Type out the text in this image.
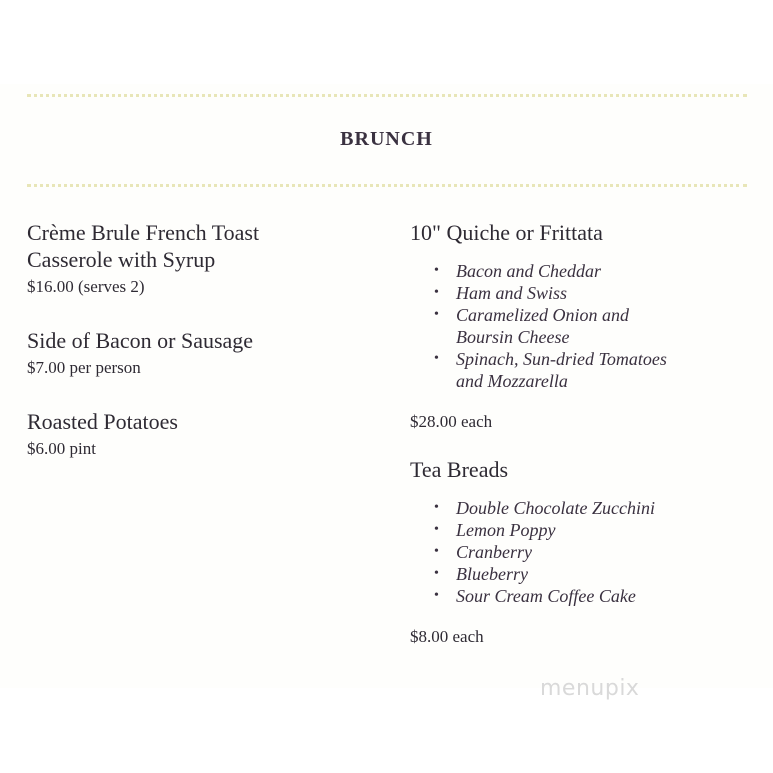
BRUNCH
Crème Brule French Toast
Casserole with Syrup
$16.00 (serves 2)
Side of Bacon or Sausage
$7.00 per person
Roasted Potatoes
$6.00 pint
10" Quiche or Frittata
• Bacon and Cheddar
• Ham and Swiss
• Caramelized Onion and
Boursin Cheese
• Spinach, Sun-dried Tomatoes
and Mozzarella
$28.00 each
Tea Breads
• Double Chocolate Zucchini
• Lemon Poppy
• Cranberry
• Blueberry
• Sour Cream Coffee Cake
$8.00 each
menupix
